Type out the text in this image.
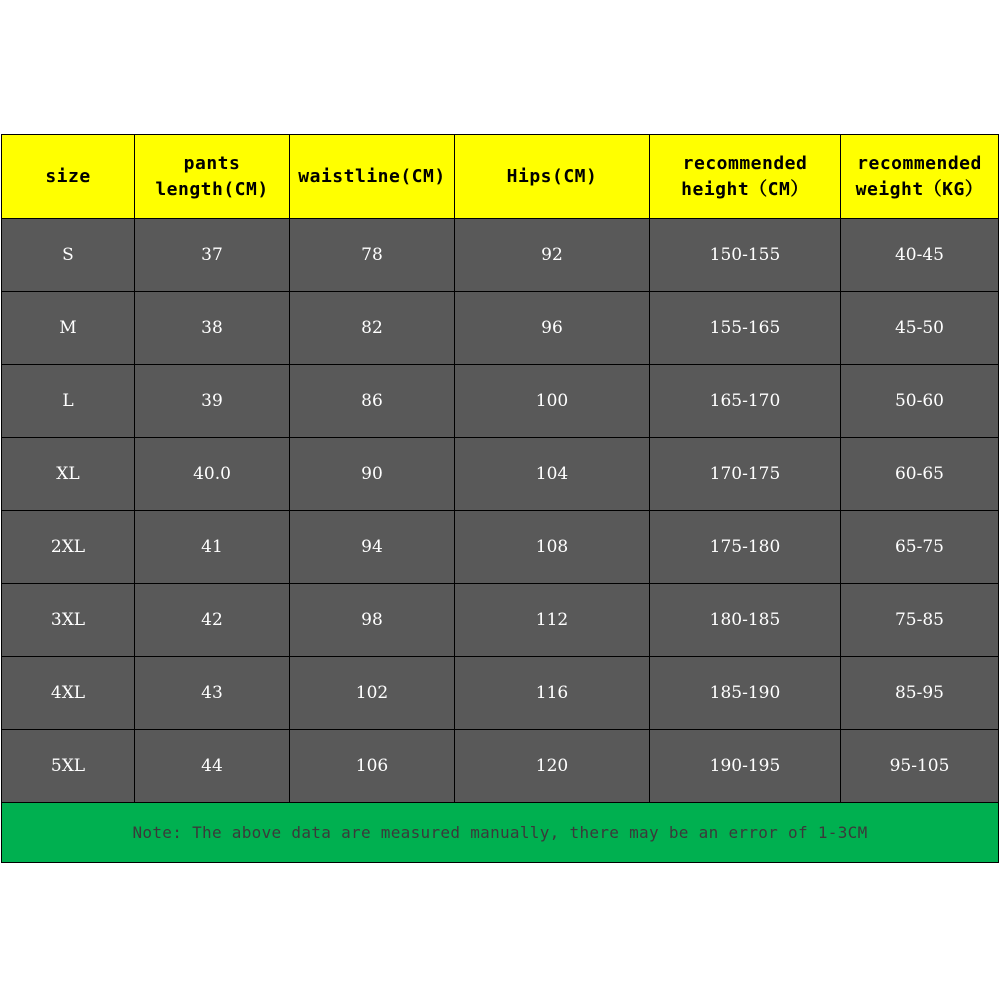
size	pants length(CM)	waistline(CM)	Hips(CM)	recommended height（CM）	recommended weight（KG）
S	37	78	92	150-155	40-45
M	38	82	96	155-165	45-50
L	39	86	100	165-170	50-60
XL	40.0	90	104	170-175	60-65
2XL	41	94	108	175-180	65-75
3XL	42	98	112	180-185	75-85
4XL	43	102	116	185-190	85-95
5XL	44	106	120	190-195	95-105
Note: The above data are measured manually, there may be an error of 1-3CM					
